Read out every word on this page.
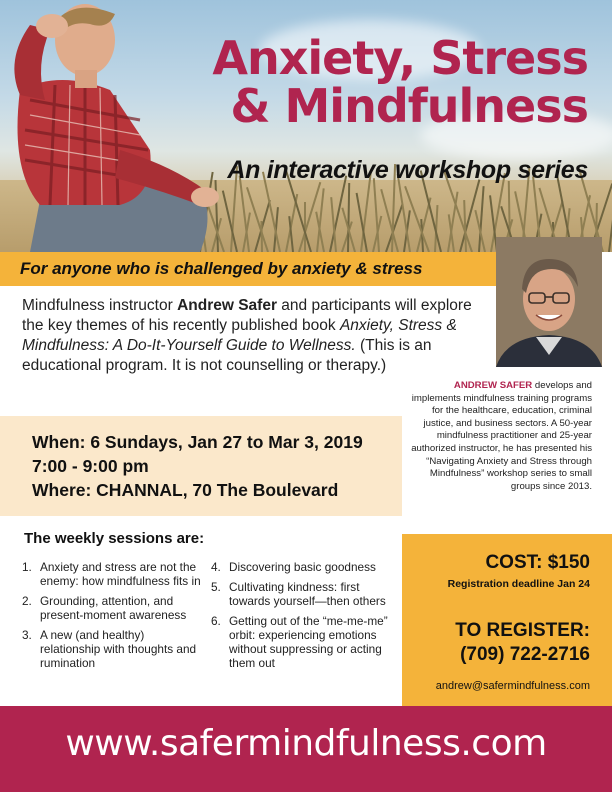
Anxiety, Stress
& Mindfulness
An interactive workshop series
For anyone who is challenged by anxiety & stress

Mindfulness instructor Andrew Safer and participants will explore the key themes of his recently published book Anxiety, Stress & Mindfulness: A Do-It-Yourself Guide to Wellness. (This is an educational program. It is not counselling or therapy.)

ANDREW SAFER develops and implements mindfulness training programs for the healthcare, education, criminal justice, and business sectors. A 50-year mindfulness practitioner and 25-year authorized instructor, he has presented his “Navigating Anxiety and Stress through Mindfulness” workshop series to small groups since 2013.

When: 6 Sundays, Jan 27 to Mar 3, 2019
7:00 - 9:00 pm
Where: CHANNAL, 70 The Boulevard
The weekly sessions are:
1. Anxiety and stress are not the enemy: how mindfulness fits in
2. Grounding, attention, and present-moment awareness
3. A new (and healthy) relationship with thoughts and rumination
4. Discovering basic goodness
5. Cultivating kindness: first towards yourself—then others
6. Getting out of the “me-me-me” orbit: experiencing emotions without suppressing or acting them out
COST: $150
Registration deadline Jan 24
TO REGISTER:
(709) 722-2716
andrew@safermindfulness.com
www.safermindfulness.com
